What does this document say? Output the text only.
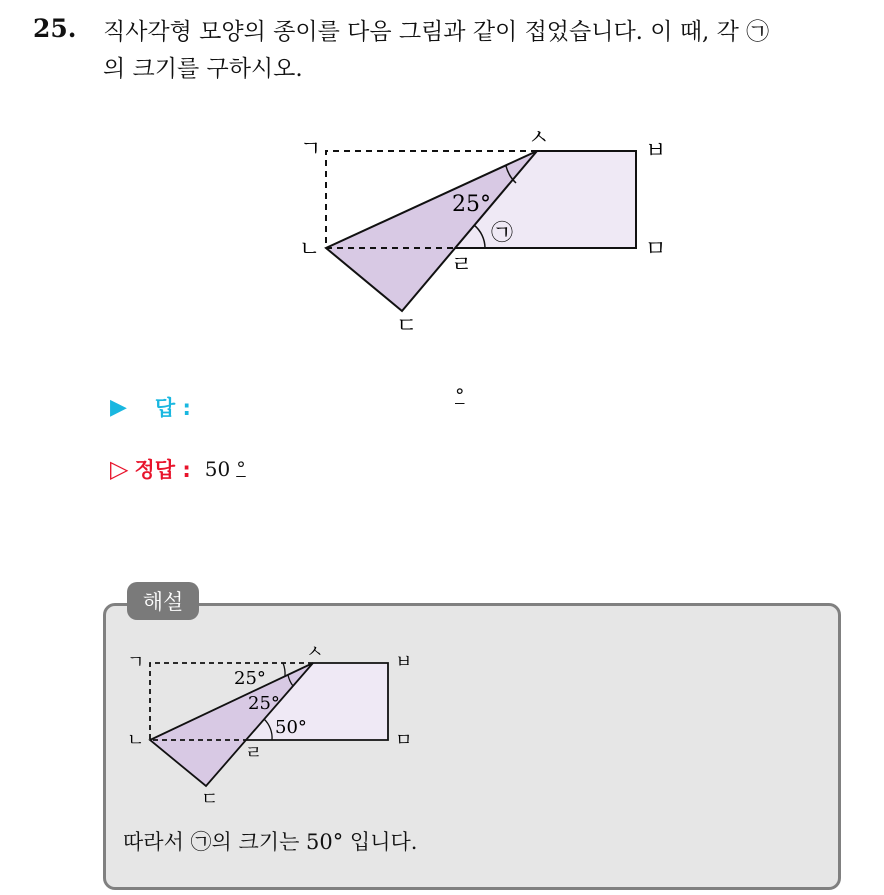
25. 직사각형 모양의 종이를 다음 그림과 같이 접었습니다. 이 때, 각 ㉠
의 크기를 구하시오.
ㄱ	ㅅ
ㅂ
ㄴ
ㄹ
ㅁ
ㄷ
25°
㉠
▶ 답 :	°
▷ 정답 : 50 °
해설
ㄱ	ㅅ	ㅂ
ㄴ
ㄹ
ㅁ
ㄷ
25°
25°
50°
따라서 ㉠의 크기는 50° 입니다.
